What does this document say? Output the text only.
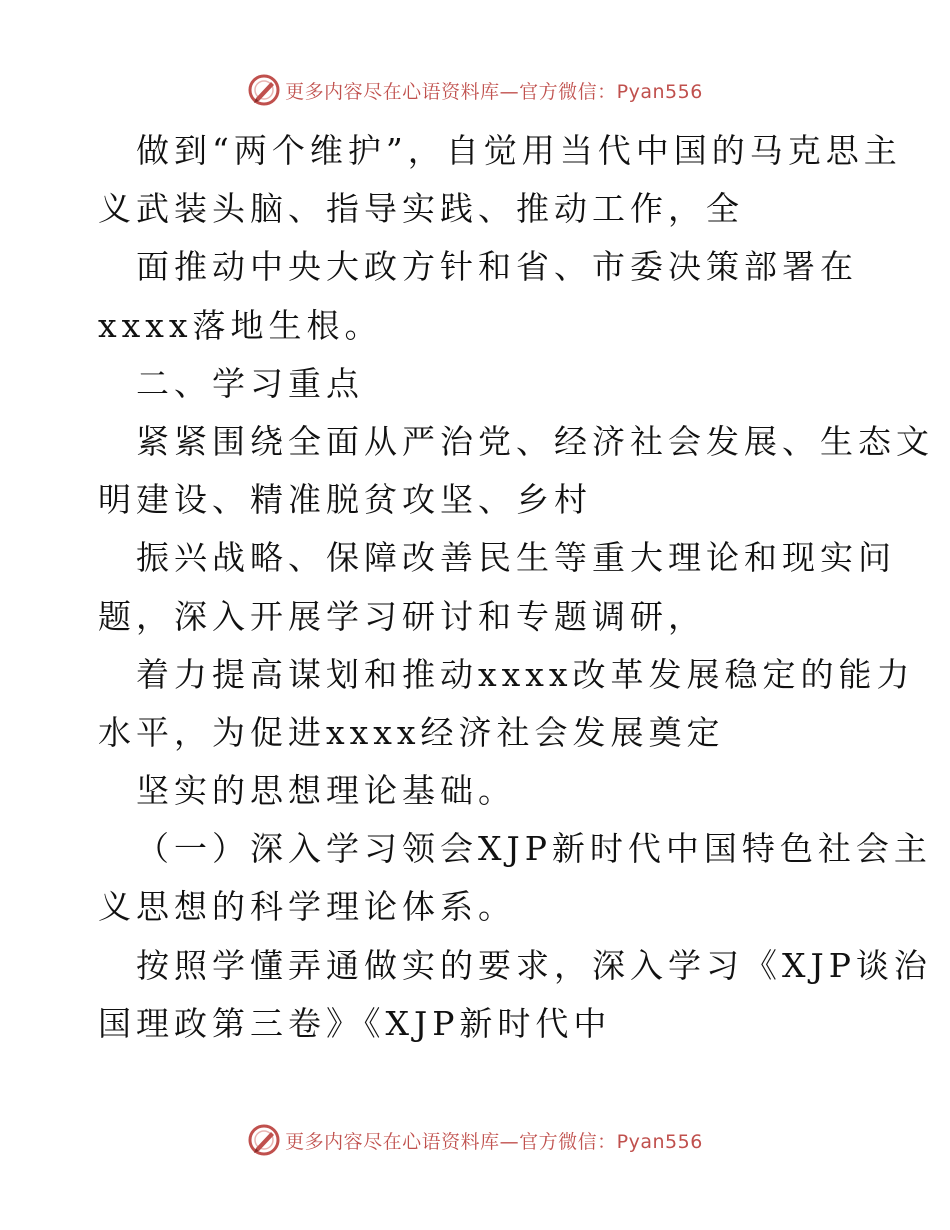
更多内容尽在心语资料库—官方微信：Pyan556
做到“两个维护”，自觉用当代中国的马克思主
义武装头脑、指导实践、推动工作，全
面推动中央大政方针和省、市委决策部署在
xxxx落地生根。
二、学习重点
紧紧围绕全面从严治党、经济社会发展、生态文
明建设、精准脱贫攻坚、乡村
振兴战略、保障改善民生等重大理论和现实问
题，深入开展学习研讨和专题调研，
着力提高谋划和推动xxxx改革发展稳定的能力
水平，为促进xxxx经济社会发展奠定
坚实的思想理论基础。
（一）深入学习领会XJP新时代中国特色社会主
义思想的科学理论体系。
按照学懂弄通做实的要求，深入学习《XJP谈治
国理政第三卷》《XJP新时代中
更多内容尽在心语资料库—官方微信：Pyan556
